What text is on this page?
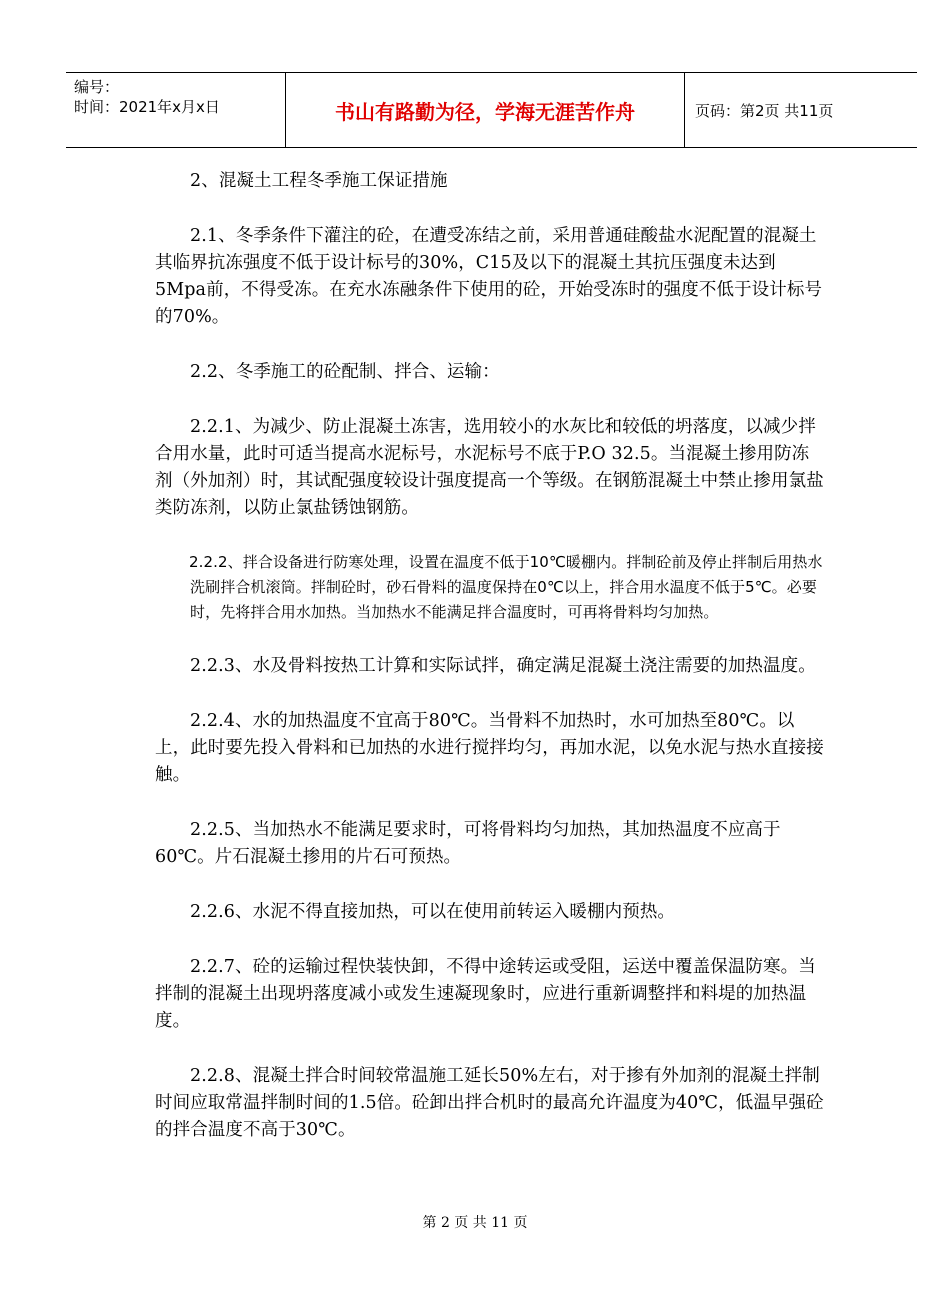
编号：
时间：2021年x月x日	书山有路勤为径，学海无涯苦作舟	页码：第2页 共11页

2、混凝土工程冬季施工保证措施

2.1、冬季条件下灌注的砼，在遭受冻结之前，采用普通硅酸盐水泥配置的混凝土其临界抗冻强度不低于设计标号的30%，C15及以下的混凝土其抗压强度未达到5Mpa前，不得受冻。在充水冻融条件下使用的砼，开始受冻时的强度不低于设计标号的70%。

2.2、冬季施工的砼配制、拌合、运输：

2.2.1、为减少、防止混凝土冻害，选用较小的水灰比和较低的坍落度，以减少拌合用水量，此时可适当提高水泥标号，水泥标号不底于P.O 32.5。当混凝土掺用防冻剂（外加剂）时，其试配强度较设计强度提高一个等级。在钢筋混凝土中禁止掺用氯盐类防冻剂，以防止氯盐锈蚀钢筋。

2.2.2、拌合设备进行防寒处理，设置在温度不低于10℃暖棚内。拌制砼前及停止拌制后用热水洗刷拌合机滚筒。拌制砼时，砂石骨料的温度保持在0℃以上，拌合用水温度不低于5℃。必要时，先将拌合用水加热。当加热水不能满足拌合温度时，可再将骨料均匀加热。

2.2.3、水及骨料按热工计算和实际试拌，确定满足混凝土浇注需要的加热温度。

2.2.4、水的加热温度不宜高于80℃。当骨料不加热时，水可加热至80℃。以上，此时要先投入骨料和已加热的水进行搅拌均匀，再加水泥，以免水泥与热水直接接触。

2.2.5、当加热水不能满足要求时，可将骨料均匀加热，其加热温度不应高于60℃。片石混凝土掺用的片石可预热。

2.2.6、水泥不得直接加热，可以在使用前转运入暖棚内预热。

2.2.7、砼的运输过程快装快卸，不得中途转运或受阻，运送中覆盖保温防寒。当拌制的混凝土出现坍落度减小或发生速凝现象时，应进行重新调整拌和料堤的加热温度。

2.2.8、混凝土拌合时间较常温施工延长50%左右，对于掺有外加剂的混凝土拌制时间应取常温拌制时间的1.5倍。砼卸出拌合机时的最高允许温度为40℃，低温早强砼的拌合温度不高于30℃。

第 2 页 共 11 页
